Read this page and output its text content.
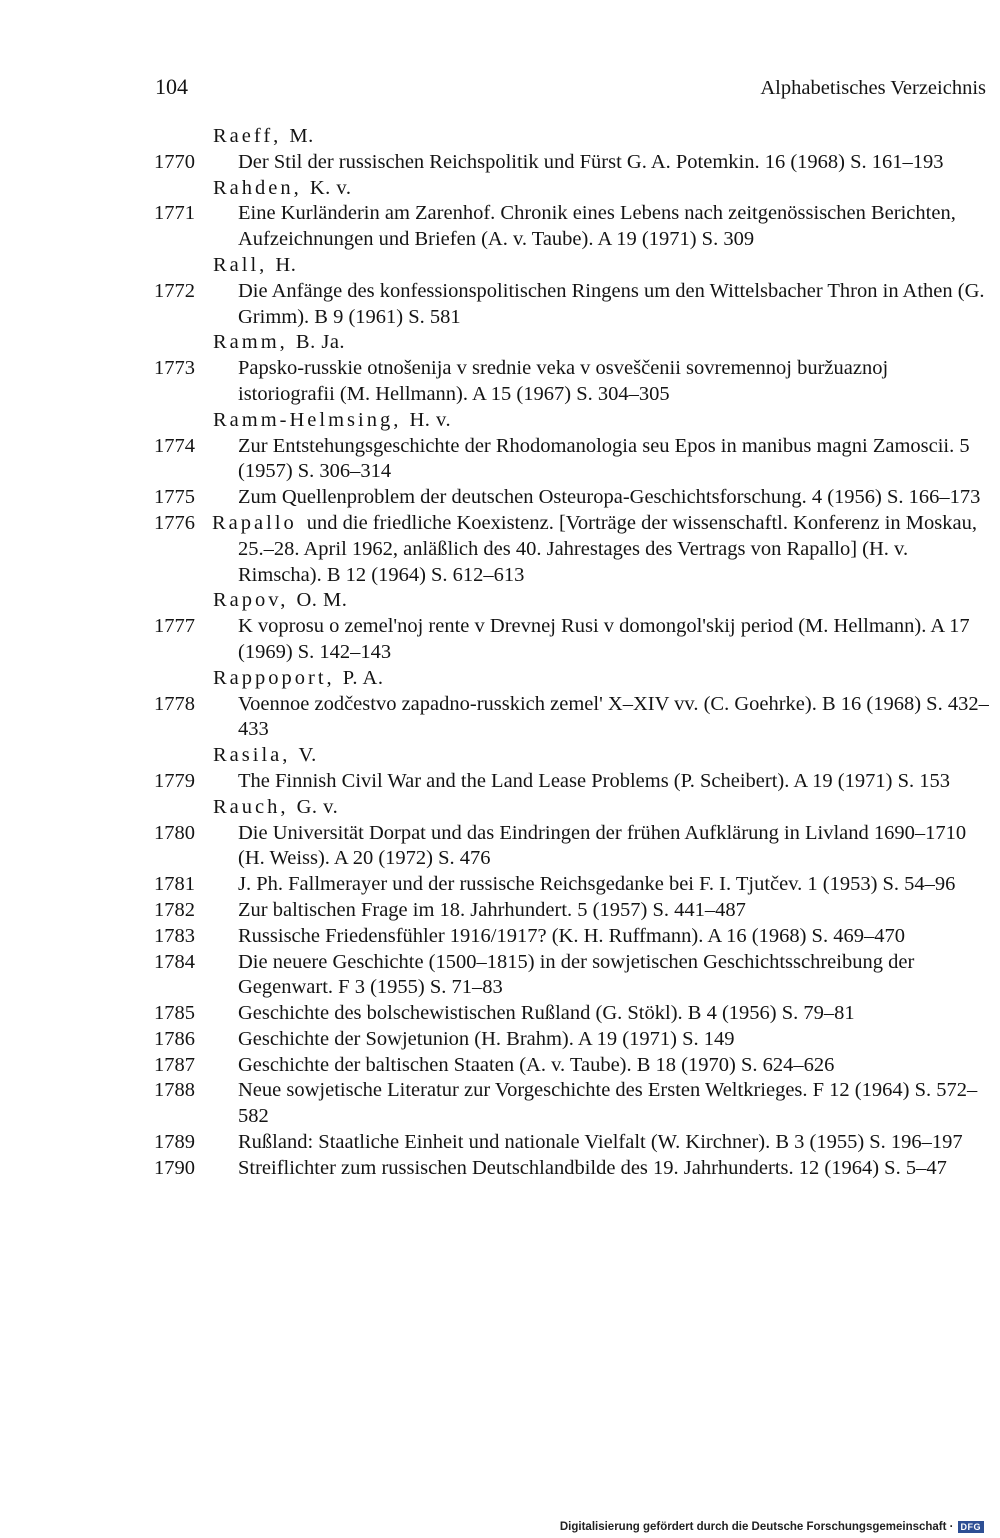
104	Alphabetisches Verzeichnis
Raeff, M.
1770 Der Stil der russischen Reichspolitik und Fürst G. A. Potemkin. 16 (1968) S. 161–193
Rahden, K. v.
1771 Eine Kurländerin am Zarenhof. Chronik eines Lebens nach zeitgenössischen Berichten, Aufzeichnungen und Briefen (A. v. Taube). A 19 (1971) S. 309
Rall, H.
1772 Die Anfänge des konfessionspolitischen Ringens um den Wittelsbacher Thron in Athen (G. Grimm). B 9 (1961) S. 581
Ramm, B. Ja.
1773 Papsko-russkie otnošenija v srednie veka v osveščenii sovremennoj buržuaznoj istoriografii (M. Hellmann). A 15 (1967) S. 304–305
Ramm-Helmsing, H. v.
1774 Zur Entstehungsgeschichte der Rhodomanologia seu Epos in manibus magni Zamoscii. 5 (1957) S. 306–314
1775 Zum Quellenproblem der deutschen Osteuropa-Geschichtsforschung. 4 (1956) S. 166–173
1776 Rapallo und die friedliche Koexistenz. [Vorträge der wissenschaftl. Konferenz in Moskau, 25.–28. April 1962, anläßlich des 40. Jahrestages des Vertrags von Rapallo] (H. v. Rimscha). B 12 (1964) S. 612–613
Rapov, O. M.
1777 K voprosu o zemel'noj rente v Drevnej Rusi v domongol'skij period (M. Hellmann). A 17 (1969) S. 142–143
Rappoport, P. A.
1778 Voennoe zodčestvo zapadno-russkich zemel' X–XIV vv. (C. Goehrke). B 16 (1968) S. 432–433
Rasila, V.
1779 The Finnish Civil War and the Land Lease Problems (P. Scheibert). A 19 (1971) S. 153
Rauch, G. v.
1780 Die Universität Dorpat und das Eindringen der frühen Aufklärung in Livland 1690–1710 (H. Weiss). A 20 (1972) S. 476
1781 J. Ph. Fallmerayer und der russische Reichsgedanke bei F. I. Tjutčev. 1 (1953) S. 54–96
1782 Zur baltischen Frage im 18. Jahrhundert. 5 (1957) S. 441–487
1783 Russische Friedensfühler 1916/1917? (K. H. Ruffmann). A 16 (1968) S. 469–470
1784 Die neuere Geschichte (1500–1815) in der sowjetischen Geschichtsschreibung der Gegenwart. F 3 (1955) S. 71–83
1785 Geschichte des bolschewistischen Rußland (G. Stökl). B 4 (1956) S. 79–81
1786 Geschichte der Sowjetunion (H. Brahm). A 19 (1971) S. 149
1787 Geschichte der baltischen Staaten (A. v. Taube). B 18 (1970) S. 624–626
1788 Neue sowjetische Literatur zur Vorgeschichte des Ersten Weltkrieges. F 12 (1964) S. 572–582
1789 Rußland: Staatliche Einheit und nationale Vielfalt (W. Kirchner). B 3 (1955) S. 196–197
1790 Streiflichter zum russischen Deutschlandbilde des 19. Jahrhunderts. 12 (1964) S. 5–47
Digitalisierung gefördert durch die Deutsche Forschungsgemeinschaft · DFG
